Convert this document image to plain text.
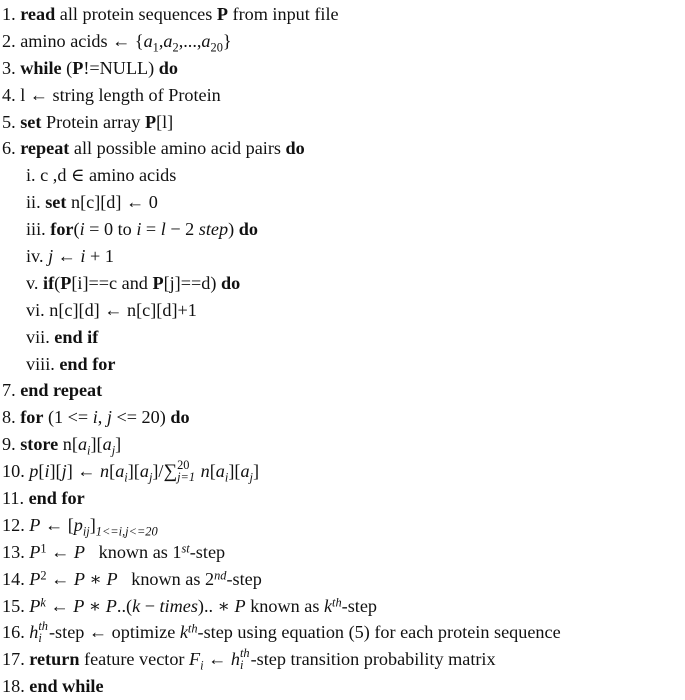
1. read all protein sequences P from input file
2. amino acids ← $\{a_1,a_2,...,a_{20}\}$
3. while (P!=NULL) do
4. l ← string length of Protein
5. set Protein array P[l]
6. repeat all possible amino acid pairs do
i. c ,d ∈ amino acids
ii. set n[c][d] ← 0
iii. for(i = 0 to i = l − 2 step) do
iv. j ← i + 1
v. if(P[i]==c and P[j]==d) do
vi. n[c][d] ← n[c][d]+1
vii. end if
viii. end for
7. end repeat
8. for (1 <= i, j <= 20) do
9. store $n[a_i][a_j]$
10. p[i][j] ← $n[a_i][a_j]/\sum$ 20
j=1 $n[a_i][a_j]$
11. end for
12. P ← $[p_{ij}]_{1<=i,j<=20}$
13. $P^1$ ← P   known as 1st-step
14. $P^2$ ← P ∗ P   known as 2nd-step
15. $P^k$ ← P ∗ P..(k − times).. ∗ P known as $k^{th}$-step
16. h th
i -step ← optimize $k^{th}$-step using equation (5) for each protein sequence
17. return feature vector $F_i$ ← h th
i -step transition probability matrix
18. end while
